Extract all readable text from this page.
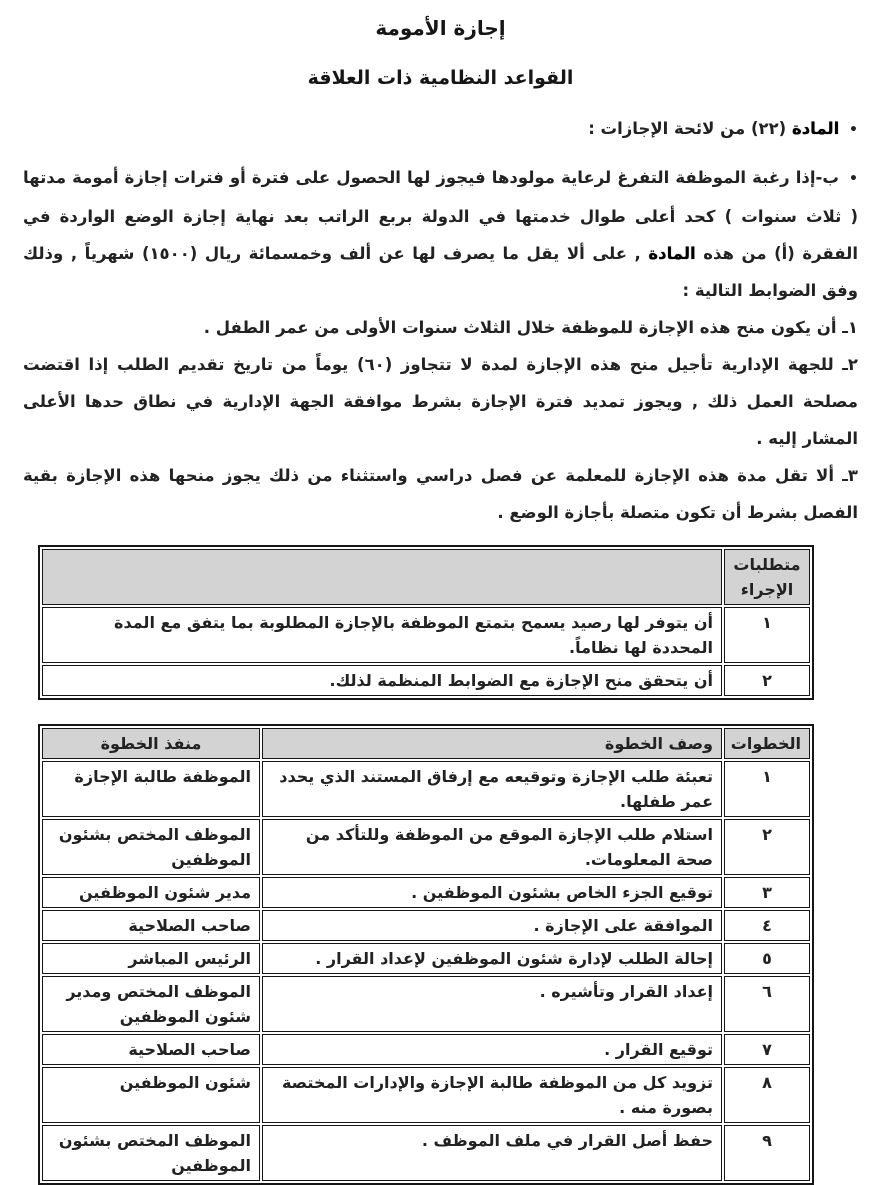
إجازة الأمومة
القواعد النظامية ذات العلاقة

• المادة (٢٢) من لائحة الإجازات :

• ب-إذا رغبة الموظفة التفرغ لرعاية مولودها فيجوز لها الحصول على فترة أو فترات إجازة أمومة مدتها ( ثلاث سنوات ) كحد أعلى طوال خدمتها في الدولة بربع الراتب بعد نهاية إجازة الوضع الواردة في الفقرة (أ) من هذه المادة , على ألا يقل ما يصرف لها عن ألف وخمسمائة ريال (١٥٠٠) شهرياً , وذلك وفق الضوابط التالية :

١ـ أن يكون منح هذه الإجازة للموظفة خلال الثلاث سنوات الأولى من عمر الطفل .

٢ـ للجهة الإدارية تأجيل منح هذه الإجازة لمدة لا تتجاوز (٦٠) يوماً من تاريخ تقديم الطلب إذا اقتضت مصلحة العمل ذلك , ويجوز تمديد فترة الإجازة بشرط موافقة الجهة الإدارية في نطاق حدها الأعلى المشار إليه .

٣ـ ألا تقل مدة هذه الإجازة للمعلمة عن فصل دراسي واستثناء من ذلك يجوز منحها هذه الإجازة بقية الفصل بشرط أن تكون متصلة بأجازة الوضع .

متطلبات الإجراء	
١	أن يتوفر لها رصيد يسمح بتمتع الموظفة بالإجازة المطلوبة بما يتفق مع المدة المحددة لها نظاماً.
٢	أن يتحقق منح الإجازة مع الضوابط المنظمة لذلك.
الخطوات	وصف الخطوة	منفذ الخطوة
١	تعبئة طلب الإجازة وتوقيعه مع إرفاق المستند الذي يحدد عمر طفلها.	الموظفة طالبة الإجازة
٢	استلام طلب الإجازة الموقع من الموظفة وللتأكد من صحة المعلومات.	الموظف المختص بشئون الموظفين
٣	توقيع الجزء الخاص بشئون الموظفين .	مدير شئون الموظفين
٤	الموافقة على الإجازة .	صاحب الصلاحية
٥	إحالة الطلب لإدارة شئون الموظفين لإعداد القرار .	الرئيس المباشر
٦	إعداد القرار وتأشيره .	الموظف المختص ومدير شئون الموظفين
٧	توقيع القرار .	صاحب الصلاحية
٨	تزويد كل من الموظفة طالبة الإجازة والإدارات المختصة بصورة منه .	شئون الموظفين
٩	حفظ أصل القرار في ملف الموظف .	الموظف المختص بشئون الموظفين
